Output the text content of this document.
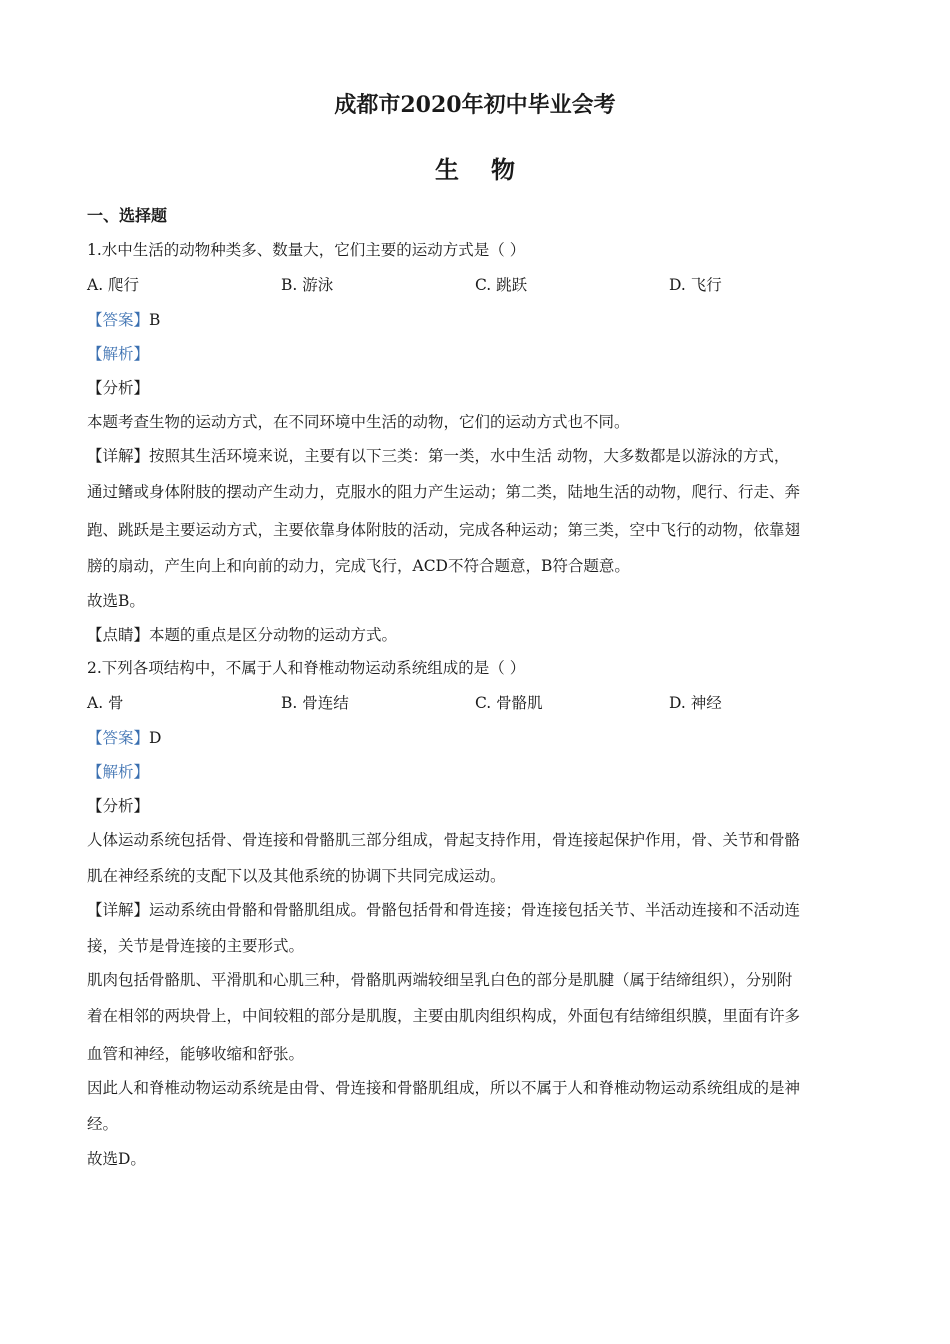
成都市2020年初中毕业会考
生物
一、选择题
1.水中生活的动物种类多、数量大，它们主要的运动方式是（ ）
A. 爬行	B. 游泳	C. 跳跃	D. 飞行
【答案】B
【解析】
【分析】
本题考查生物的运动方式，在不同环境中生活的动物，它们的运动方式也不同。
【详解】按照其生活环境来说，主要有以下三类：第一类，水中生活 动物，大多数都是以游泳的方式，
通过鳍或身体附肢的摆动产生动力，克服水的阻力产生运动；第二类，陆地生活的动物，爬行、行走、奔
跑、跳跃是主要运动方式，主要依靠身体附肢的活动，完成各种运动；第三类，空中飞行的动物，依靠翅
膀的扇动，产生向上和向前的动力，完成飞行，ACD不符合题意，B符合题意。
故选B。
【点睛】本题的重点是区分动物的运动方式。
2.下列各项结构中，不属于人和脊椎动物运动系统组成的是（ ）
A. 骨	B. 骨连结	C. 骨骼肌	D. 神经
【答案】D
【解析】
【分析】
人体运动系统包括骨、骨连接和骨骼肌三部分组成，骨起支持作用，骨连接起保护作用，骨、关节和骨骼
肌在神经系统的支配下以及其他系统的协调下共同完成运动。
【详解】运动系统由骨骼和骨骼肌组成。骨骼包括骨和骨连接；骨连接包括关节、半活动连接和不活动连
接，关节是骨连接的主要形式。
肌肉包括骨骼肌、平滑肌和心肌三种，骨骼肌两端较细呈乳白色的部分是肌腱（属于结缔组织），分别附
着在相邻的两块骨上，中间较粗的部分是肌腹，主要由肌肉组织构成，外面包有结缔组织膜，里面有许多
血管和神经，能够收缩和舒张。
因此人和脊椎动物运动系统是由骨、骨连接和骨骼肌组成，所以不属于人和脊椎动物运动系统组成的是神
经。
故选D。
